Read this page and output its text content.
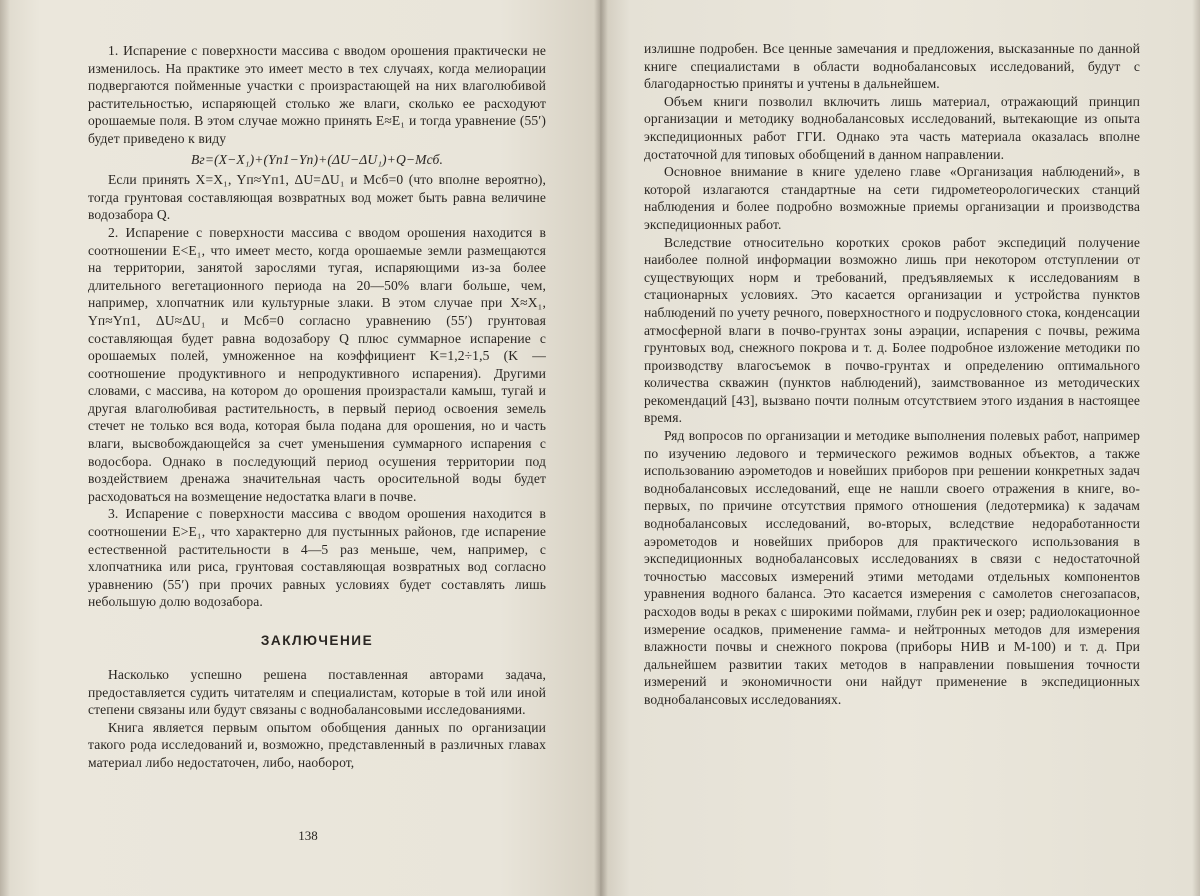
1. Испарение с поверхности массива с вводом орошения практически не изменилось. На практике это имеет место в тех случаях, когда мелиорации подвергаются пойменные участки с произрастающей на них влаголюбивой растительностью, испаряющей столько же влаги, сколько ее расходуют орошаемые поля. В этом случае можно принять E≈E₁ и тогда уравнение (55′) будет приведено к виду

Bг=(X−X₁)+(Yп1−Yп)+(ΔU−ΔU₁)+Q−Mсб.

Если принять X=X₁, Yп≈Yп1, ΔU=ΔU₁ и Mсб=0 (что вполне вероятно), тогда грунтовая составляющая возвратных вод может быть равна величине водозабора Q.

2. Испарение с поверхности массива с вводом орошения находится в соотношении E<E₁, что имеет место, когда орошаемые земли размещаются на территории, занятой зарослями тугая, испаряющими из-за более длительного вегетационного периода на 20—50% влаги больше, чем, например, хлопчатник или культурные злаки. В этом случае при X≈X₁, Yп≈Yп1, ΔU≈ΔU₁ и Mсб=0 согласно уравнению (55′) грунтовая составляющая будет равна водозабору Q плюс суммарное испарение с орошаемых полей, умноженное на коэффициент K=1,2÷1,5 (K — соотношение продуктивного и непродуктивного испарения). Другими словами, с массива, на котором до орошения произрастали камыш, тугай и другая влаголюбивая растительность, в первый период освоения земель стечет не только вся вода, которая была подана для орошения, но и часть влаги, высвобождающейся за счет уменьшения суммарного испарения с водосбора. Однако в последующий период осушения территории под воздействием дренажа значительная часть оросительной воды будет расходоваться на возмещение недостатка влаги в почве.

3. Испарение с поверхности массива с вводом орошения находится в соотношении E>E₁, что характерно для пустынных районов, где испарение естественной растительности в 4—5 раз меньше, чем, например, с хлопчатника или риса, грунтовая составляющая возвратных вод согласно уравнению (55′) при прочих равных условиях будет составлять лишь небольшую долю водозабора.

ЗАКЛЮЧЕНИЕ

Насколько успешно решена поставленная авторами задача, предоставляется судить читателям и специалистам, которые в той или иной степени связаны или будут связаны с воднобалансовыми исследованиями.

Книга является первым опытом обобщения данных по организации такого рода исследований и, возможно, представленный в различных главах материал либо недостаточен, либо, наоборот,

138

излишне подробен. Все ценные замечания и предложения, высказанные по данной книге специалистами в области воднобалансовых исследований, будут с благодарностью приняты и учтены в дальнейшем.

Объем книги позволил включить лишь материал, отражающий принцип организации и методику воднобалансовых исследований, вытекающие из опыта экспедиционных работ ГГИ. Однако эта часть материала оказалась вполне достаточной для типовых обобщений в данном направлении.

Основное внимание в книге уделено главе «Организация наблюдений», в которой излагаются стандартные на сети гидрометеорологических станций наблюдения и более подробно возможные приемы организации и производства экспедиционных работ.

Вследствие относительно коротких сроков работ экспедиций получение наиболее полной информации возможно лишь при некотором отступлении от существующих норм и требований, предъявляемых к исследованиям в стационарных условиях. Это касается организации и устройства пунктов наблюдений по учету речного, поверхностного и подрусловного стока, конденсации атмосферной влаги в почво-грунтах зоны аэрации, испарения с почвы, режима грунтовых вод, снежного покрова и т. д. Более подробное изложение методики по производству влагосъемок в почво-грунтах и определению оптимального количества скважин (пунктов наблюдений), заимствованное из методических рекомендаций [43], вызвано почти полным отсутствием этого издания в настоящее время.

Ряд вопросов по организации и методике выполнения полевых работ, например по изучению ледового и термического режимов водных объектов, а также использованию аэрометодов и новейших приборов при решении конкретных задач воднобалансовых исследований, еще не нашли своего отражения в книге, во-первых, по причине отсутствия прямого отношения (ледотермика) к задачам воднобалансовых исследований, во-вторых, вследствие недоработанности аэрометодов и новейших приборов для практического использования в экспедиционных воднобалансовых исследованиях в связи с недостаточной точностью массовых измерений этими методами отдельных компонентов уравнения водного баланса. Это касается измерения с самолетов снегозапасов, расходов воды в реках с широкими поймами, глубин рек и озер; радиолокационное измерение осадков, применение гамма- и нейтронных методов для измерения влажности почвы и снежного покрова (приборы НИВ и М-100) и т. д. При дальнейшем развитии таких методов в направлении повышения точности измерений и экономичности они найдут применение в экспедиционных воднобалансовых исследованиях.
